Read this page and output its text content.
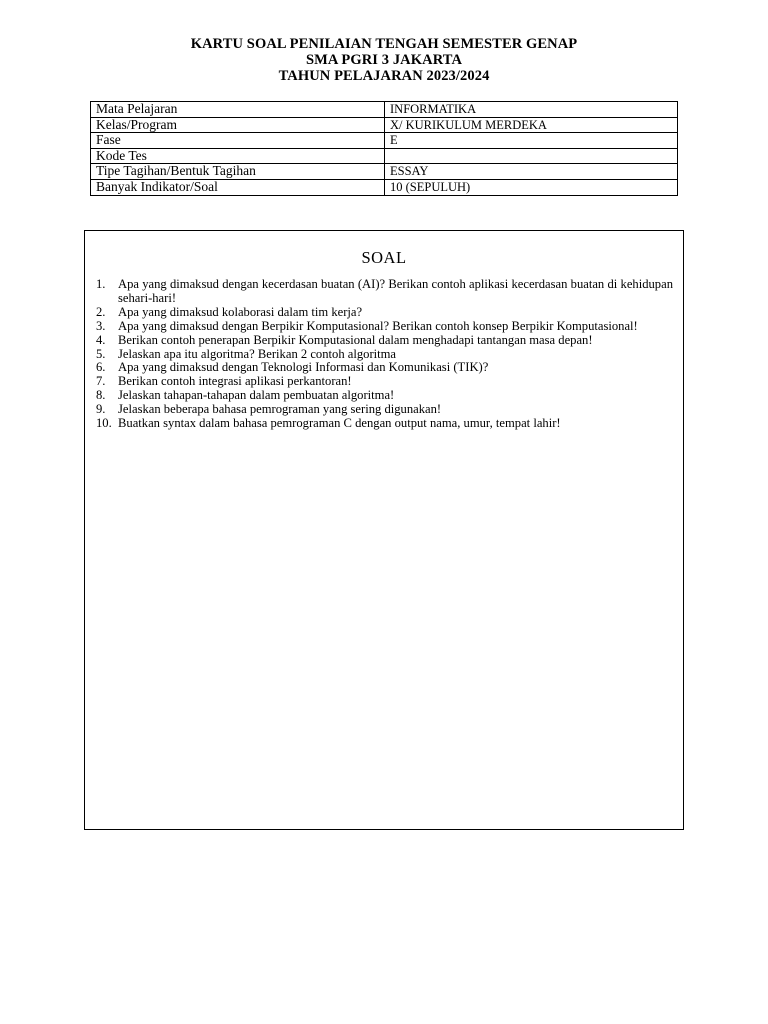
KARTU SOAL PENILAIAN TENGAH SEMESTER GENAP
SMA PGRI 3 JAKARTA
TAHUN PELAJARAN 2023/2024
Mata Pelajaran	INFORMATIKA
Kelas/Program	X/ KURIKULUM MERDEKA
Fase	E
Kode Tes	
Tipe Tagihan/Bentuk Tagihan	ESSAY
Banyak Indikator/Soal	10 (SEPULUH)
SOAL
1. Apa yang dimaksud dengan kecerdasan buatan (AI)? Berikan contoh aplikasi kecerdasan buatan di kehidupan sehari-hari!
2. Apa yang dimaksud kolaborasi dalam tim kerja?
3. Apa yang dimaksud dengan Berpikir Komputasional? Berikan contoh konsep Berpikir Komputasional!
4. Berikan contoh penerapan Berpikir Komputasional dalam menghadapi tantangan masa depan!
5. Jelaskan apa itu algoritma? Berikan 2 contoh algoritma
6. Apa yang dimaksud dengan Teknologi Informasi dan Komunikasi (TIK)?
7. Berikan contoh integrasi aplikasi perkantoran!
8. Jelaskan tahapan-tahapan dalam pembuatan algoritma!
9. Jelaskan beberapa bahasa pemrograman yang sering digunakan!
10. Buatkan syntax dalam bahasa pemrograman C dengan output nama, umur, tempat lahir!
